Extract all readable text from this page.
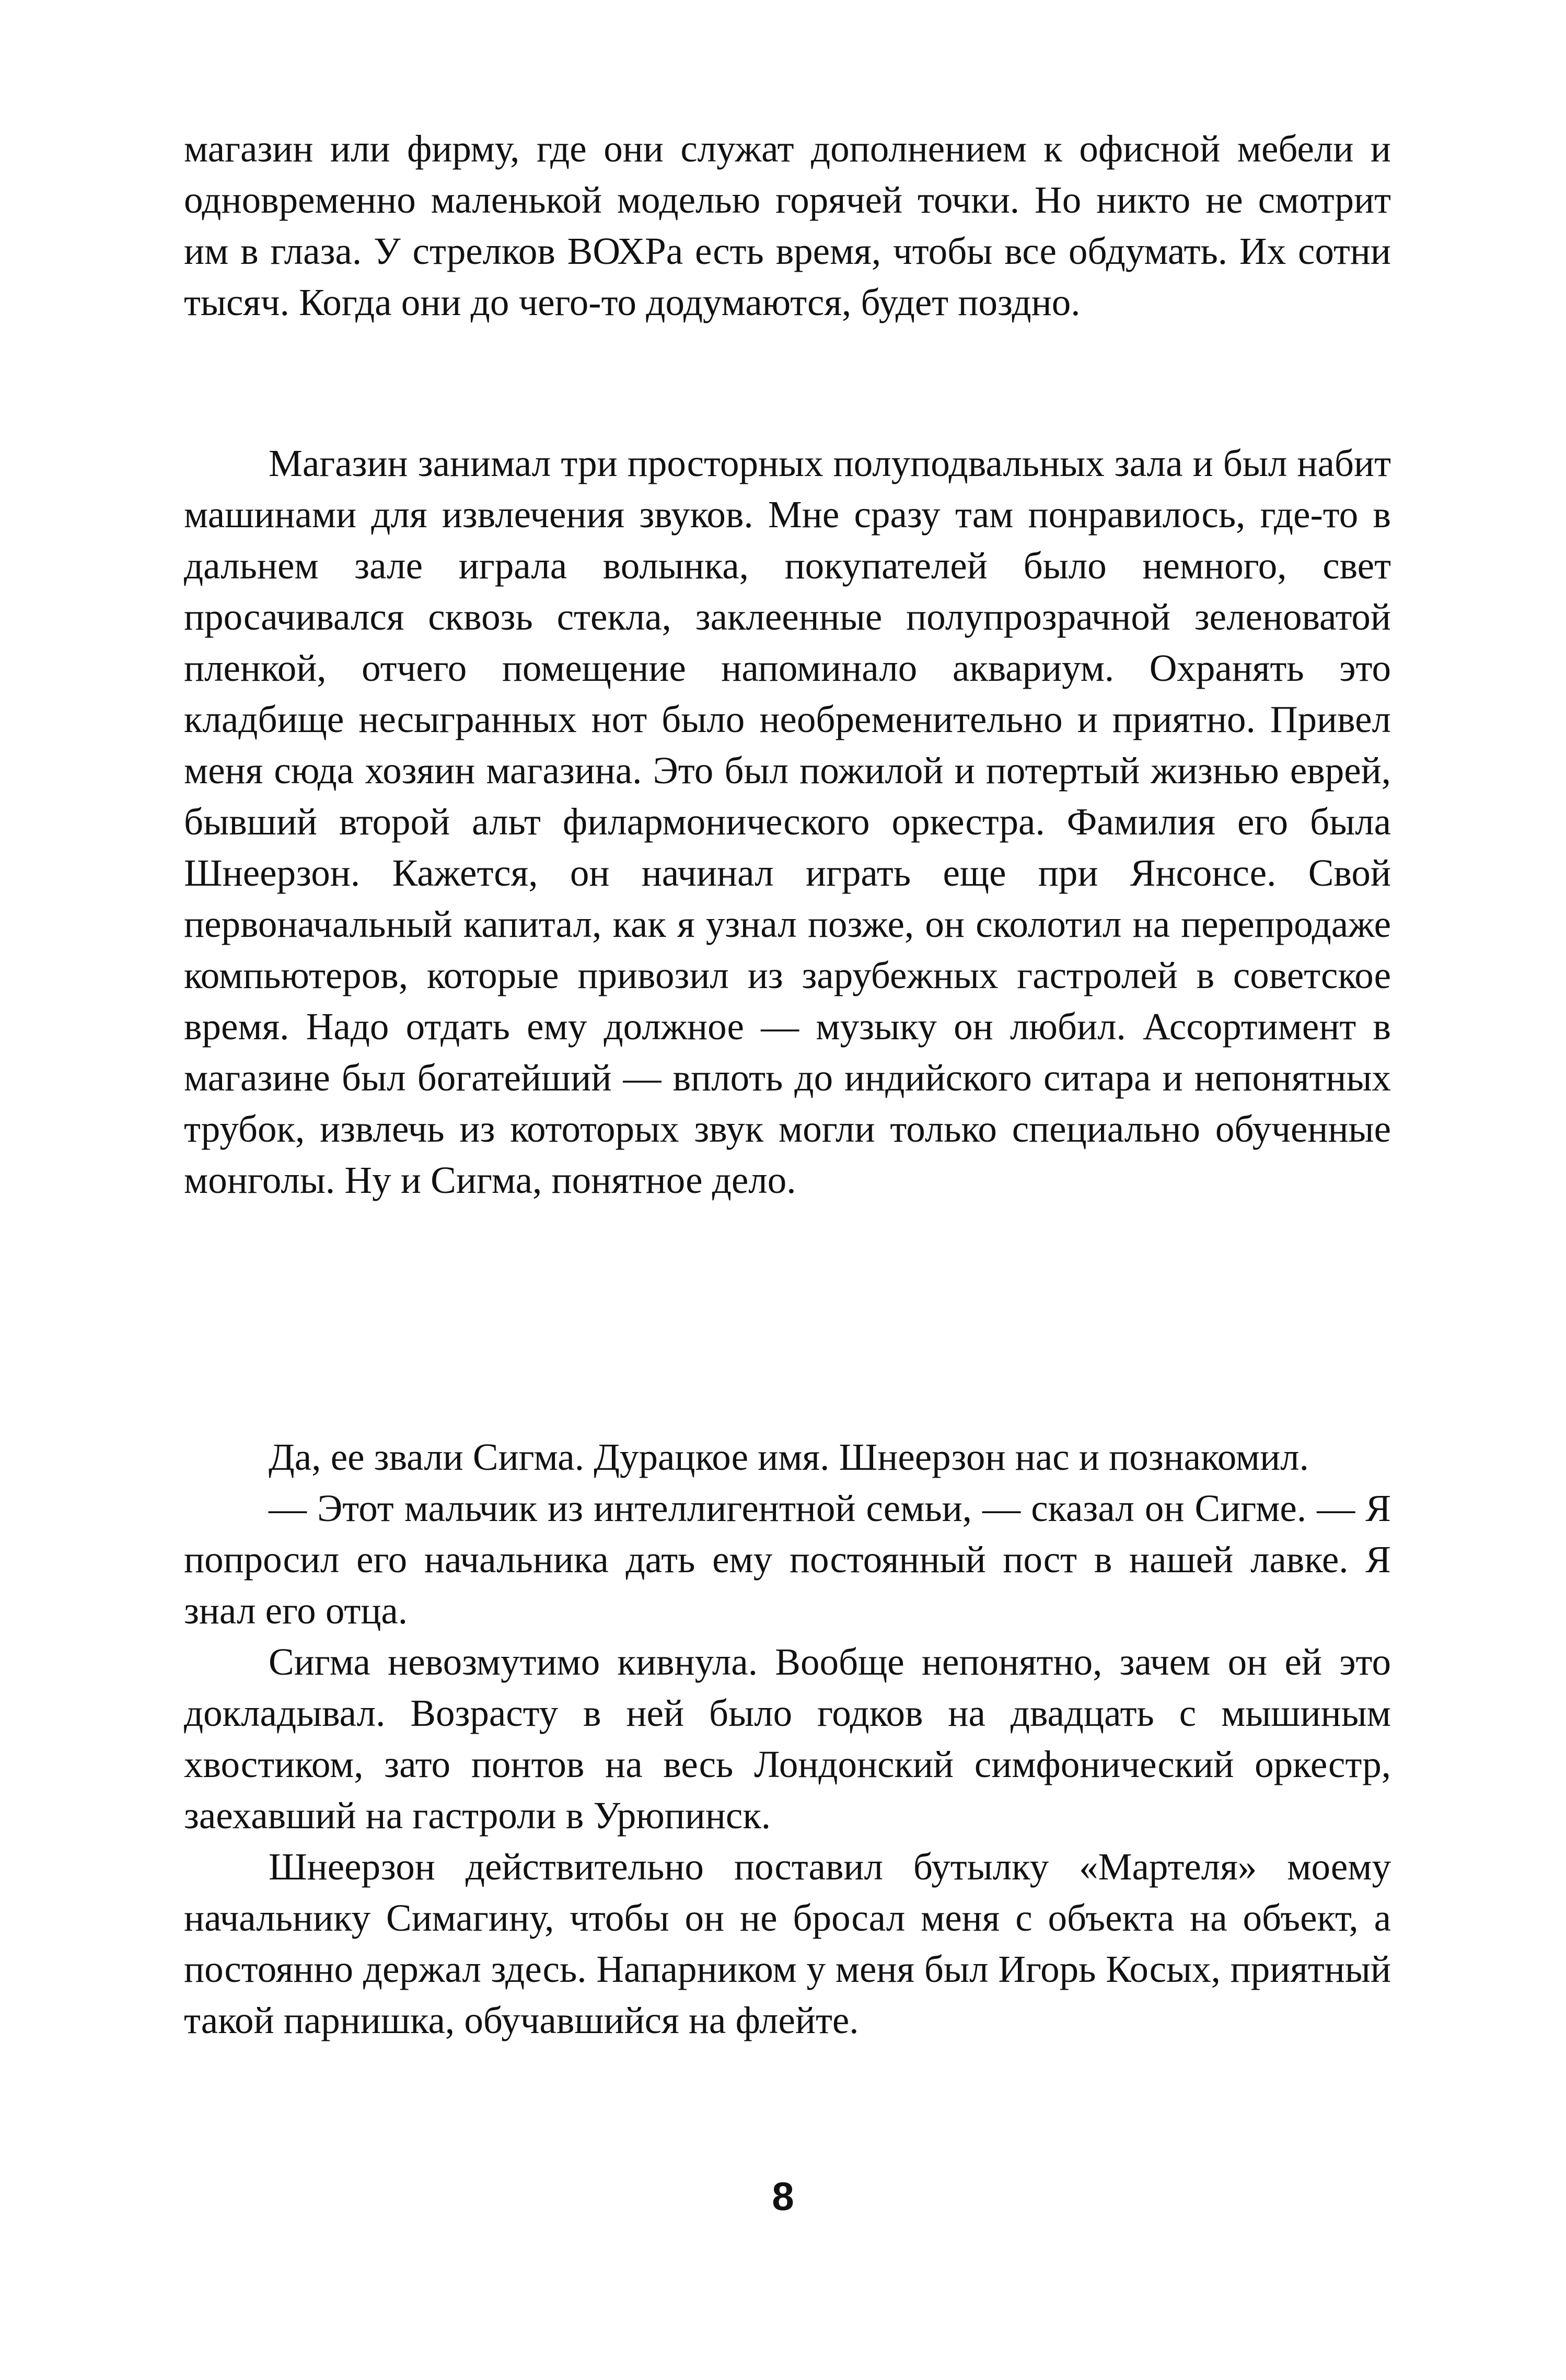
магазин или фирму, где они служат дополнением к офисной мебели и одновременно маленькой моделью горячей точки. Но никто не смотрит им в глаза. У стрелков ВОХРа есть время, чтобы все обдумать. Их сотни тысяч. Когда они до чего-то додумаются, будет поздно.

Магазин занимал три просторных полуподвальных зала и был набит машинами для извлечения звуков. Мне сразу там понравилось, где-то в дальнем зале играла волынка, покупателей было немного, свет просачивался сквозь стекла, заклеенные полупрозрачной зеленоватой пленкой, отчего помещение напоминало аквариум. Охранять это кладбище несыгранных нот было необременительно и приятно. Привел меня сюда хозяин магазина. Это был пожилой и потертый жизнью еврей, бывший второй альт филармонического оркестра. Фамилия его была Шнеерзон. Кажется, он начинал играть еще при Янсонсе. Свой первоначальный капитал, как я узнал позже, он сколотил на перепродаже компьютеров, которые привозил из зарубежных гастролей в советское время. Надо отдать ему должное — музыку он любил. Ассортимент в магазине был богатейший — вплоть до индийского ситара и непонятных трубок, извлечь из кототорых звук могли только специально обученные монголы. Ну и Сигма, понятное дело.

Да, ее звали Сигма. Дурацкое имя. Шнеерзон нас и познакомил.

— Этот мальчик из интеллигентной семьи, — сказал он Сигме. — Я попросил его начальника дать ему постоянный пост в нашей лавке. Я знал его отца.

Сигма невозмутимо кивнула. Вообще непонятно, зачем он ей это докладывал. Возрасту в ней было годков на двадцать с мышиным хвостиком, зато понтов на весь Лондонский симфонический оркестр, заехавший на гастроли в Урюпинск.

Шнеерзон действительно поставил бутылку «Мартеля» моему начальнику Симагину, чтобы он не бросал меня с объекта на объект, а постоянно держал здесь. Напарником у меня был Игорь Косых, приятный такой парнишка, обучавшийся на флейте.

8
